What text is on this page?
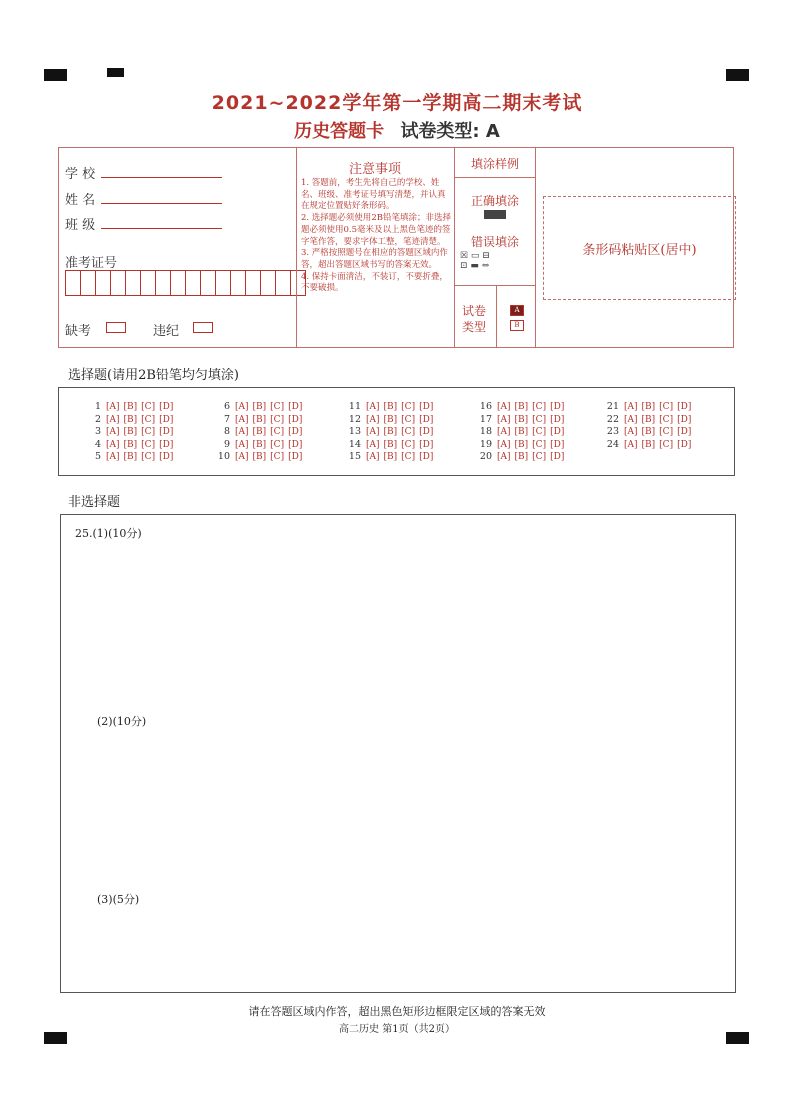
2021~2022学年第一学期高二期末考试
历史答题卡 试卷类型: A
学 校
姓 名
班 级
准考证号
缺考	违纪
注意事项

1. 答题前，考生先将自己的学校、姓名、班级、准考证号填写清楚，并认真在规定位置贴好条形码。

2. 选择题必须使用2B铅笔填涂；非选择题必须使用0.5毫米及以上黑色笔迹的签字笔作答，要求字体工整，笔迹清楚。

3. 严格按照题号在相应的答题区域内作答，超出答题区域书写的答案无效。

4. 保持卡面清洁，不装订，不要折叠，不要破损。

填涂样例
正确填涂
错误填涂
☒ ▭ ⊟
⊡ ▬ ⇔
试卷类型
A
B
条形码粘贴区(居中)
选择题(请用2B铅笔均匀填涂)
1 [A] [B] [C] [D]
2 [A] [B] [C] [D]
3 [A] [B] [C] [D]
4 [A] [B] [C] [D]
5 [A] [B] [C] [D]
6 [A] [B] [C] [D]
7 [A] [B] [C] [D]
8 [A] [B] [C] [D]
9 [A] [B] [C] [D]
10 [A] [B] [C] [D]
11 [A] [B] [C] [D]
12 [A] [B] [C] [D]
13 [A] [B] [C] [D]
14 [A] [B] [C] [D]
15 [A] [B] [C] [D]
16 [A] [B] [C] [D]
17 [A] [B] [C] [D]
18 [A] [B] [C] [D]
19 [A] [B] [C] [D]
20 [A] [B] [C] [D]
21 [A] [B] [C] [D]
22 [A] [B] [C] [D]
23 [A] [B] [C] [D]
24 [A] [B] [C] [D]
非选择题
25.(1)(10分)
(2)(10分)
(3)(5分)
请在答题区域内作答，超出黑色矩形边框限定区域的答案无效
高二历史 第1页（共2页）
